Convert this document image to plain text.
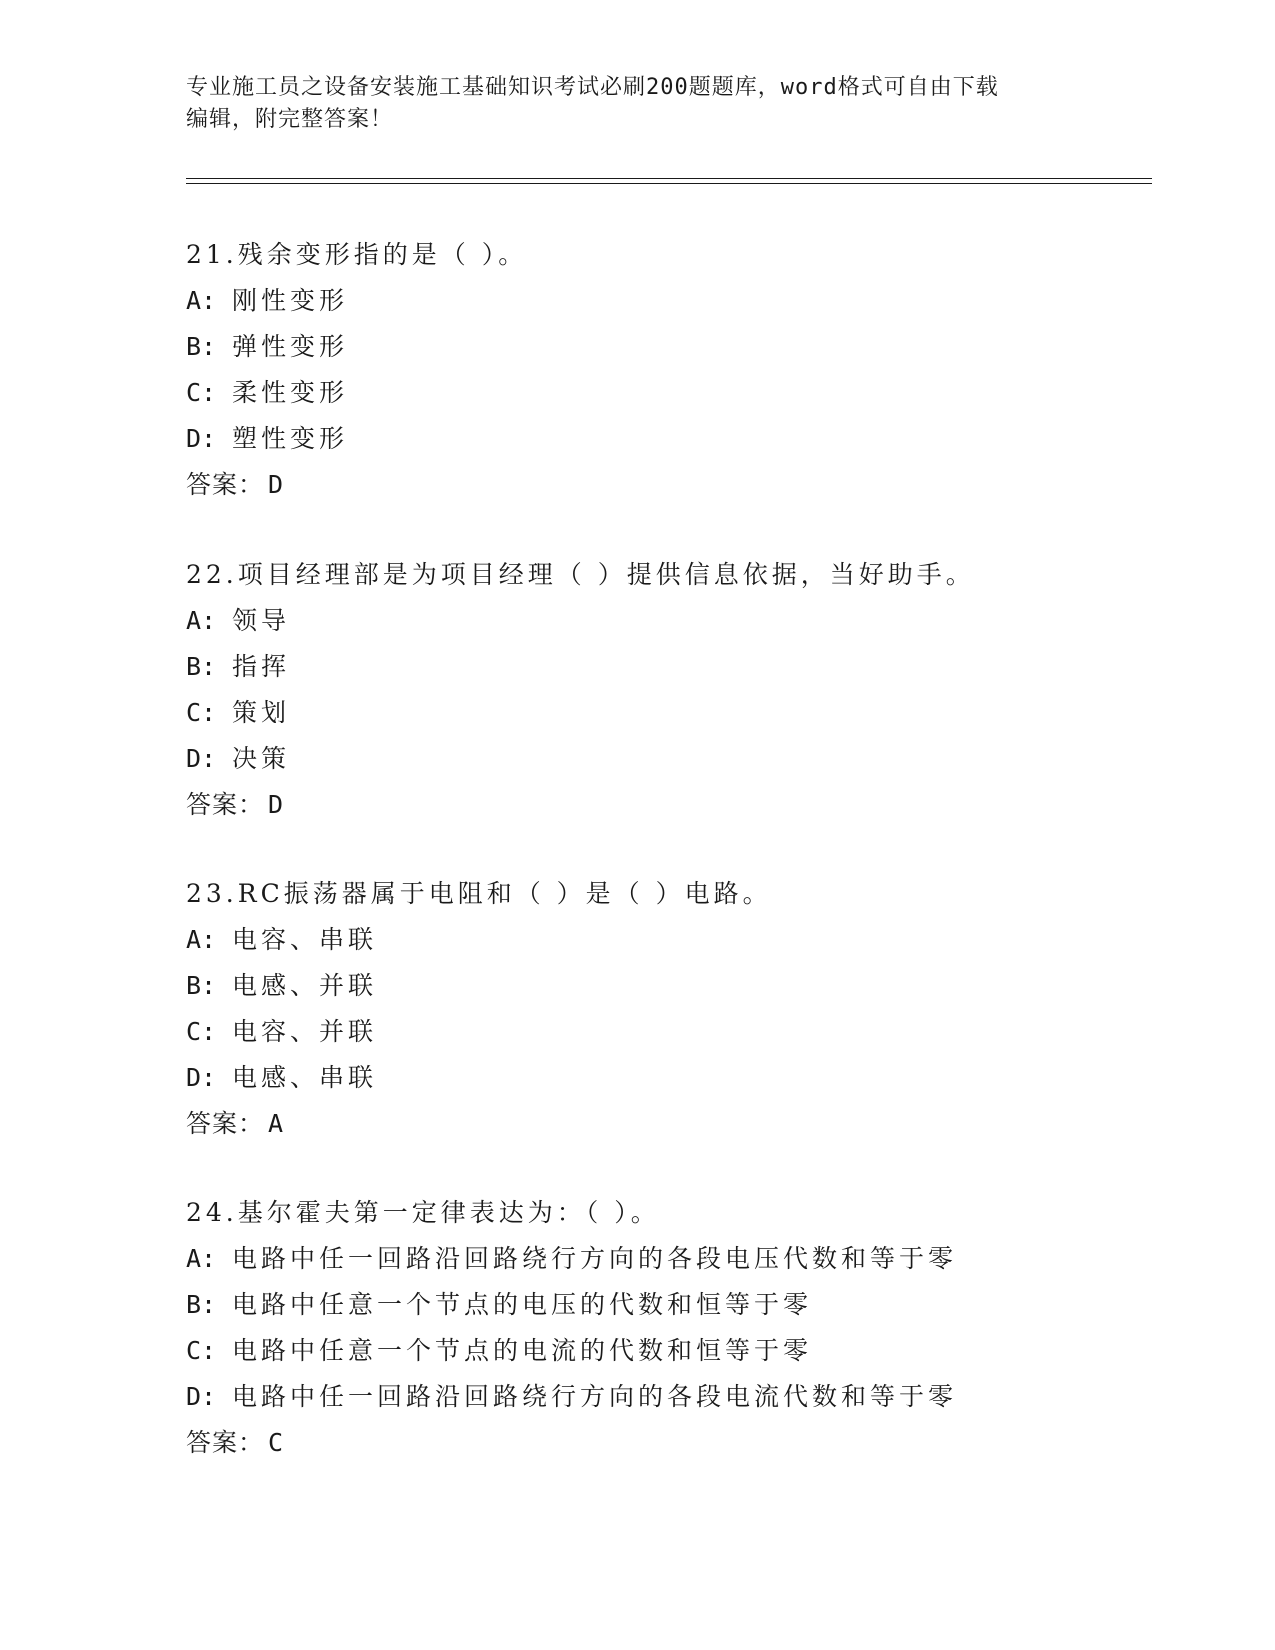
专业施工员之设备安装施工基础知识考试必刷200题题库，word格式可自由下载
编辑，附完整答案！
21.残余变形指的是（ ）。
A: 刚性变形
B: 弹性变形
C: 柔性变形
D: 塑性变形
答案： D
22.项目经理部是为项目经理（ ）提供信息依据，当好助手。
A: 领导
B: 指挥
C: 策划
D: 决策
答案： D
23.RC振荡器属于电阻和（ ）是（ ）电路。
A: 电容、串联
B: 电感、并联
C: 电容、并联
D: 电感、串联
答案： A
24.基尔霍夫第一定律表达为：（ ）。
A: 电路中任一回路沿回路绕行方向的各段电压代数和等于零
B: 电路中任意一个节点的电压的代数和恒等于零
C: 电路中任意一个节点的电流的代数和恒等于零
D: 电路中任一回路沿回路绕行方向的各段电流代数和等于零
答案： C
